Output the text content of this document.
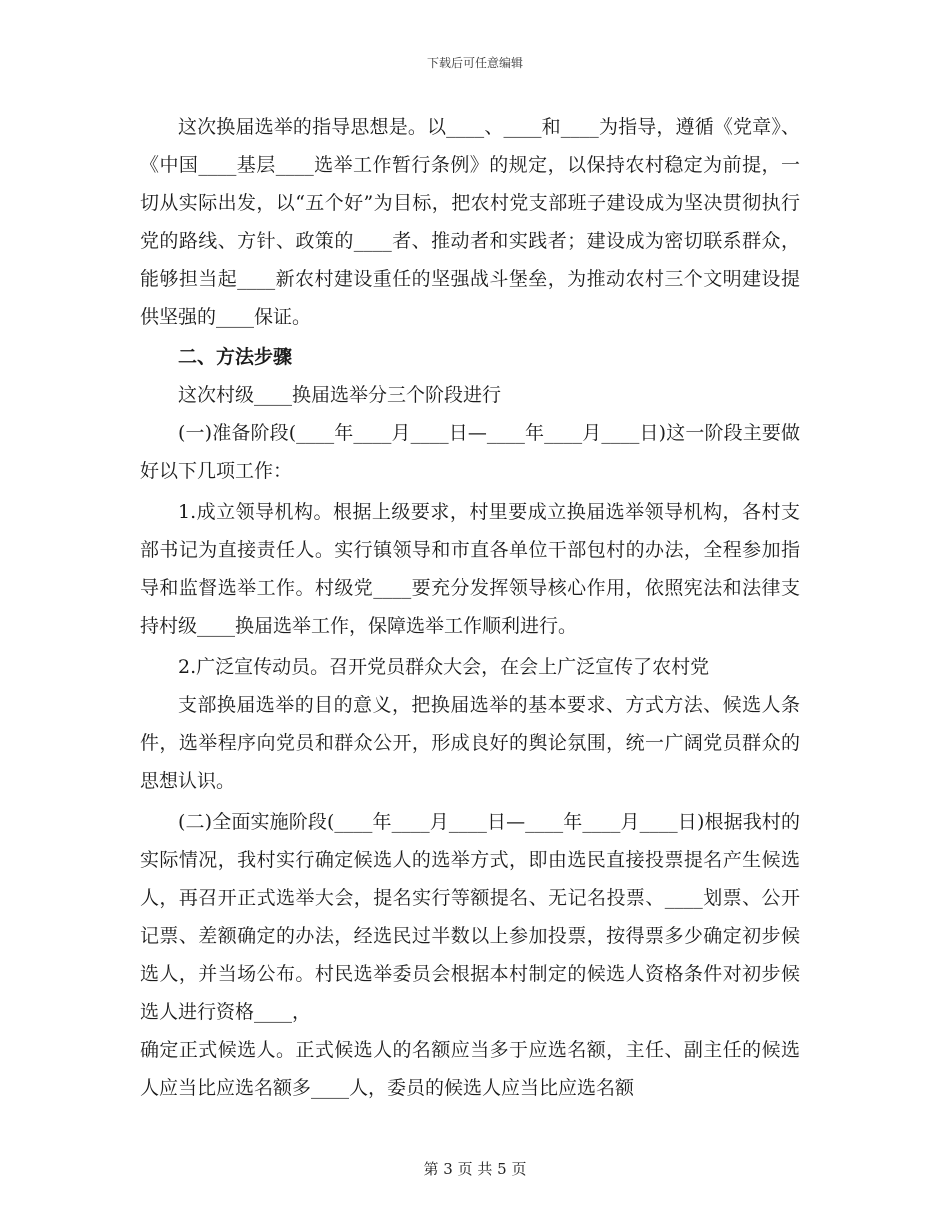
下载后可任意编辑

这次换届选举的指导思想是。以____、____和____为指导，遵循《党章》、《中国____基层____选举工作暂行条例》的规定，以保持农村稳定为前提，一切从实际出发，以“五个好”为目标，把农村党支部班子建设成为坚决贯彻执行党的路线、方针、政策的____者、推动者和实践者；建设成为密切联系群众，能够担当起____新农村建设重任的坚强战斗堡垒，为推动农村三个文明建设提供坚强的____保证。

二、方法步骤

这次村级____换届选举分三个阶段进行

(一)准备阶段(____年____月____日—____年____月____日)这一阶段主要做好以下几项工作：

1.成立领导机构。根据上级要求，村里要成立换届选举领导机构，各村支部书记为直接责任人。实行镇领导和市直各单位干部包村的办法，全程参加指导和监督选举工作。村级党____要充分发挥领导核心作用，依照宪法和法律支持村级____换届选举工作，保障选举工作顺利进行。

2.广泛宣传动员。召开党员群众大会，在会上广泛宣传了农村党

支部换届选举的目的意义，把换届选举的基本要求、方式方法、候选人条件，选举程序向党员和群众公开，形成良好的舆论氛围，统一广阔党员群众的思想认识。

(二)全面实施阶段(____年____月____日—____年____月____日)根据我村的实际情况，我村实行确定候选人的选举方式，即由选民直接投票提名产生候选人，再召开正式选举大会，提名实行等额提名、无记名投票、____划票、公开记票、差额确定的办法，经选民过半数以上参加投票，按得票多少确定初步候选人，并当场公布。村民选举委员会根据本村制定的候选人资格条件对初步候选人进行资格____，

确定正式候选人。正式候选人的名额应当多于应选名额，主任、副主任的候选人应当比应选名额多____人，委员的候选人应当比应选名额

第 3 页 共 5 页
